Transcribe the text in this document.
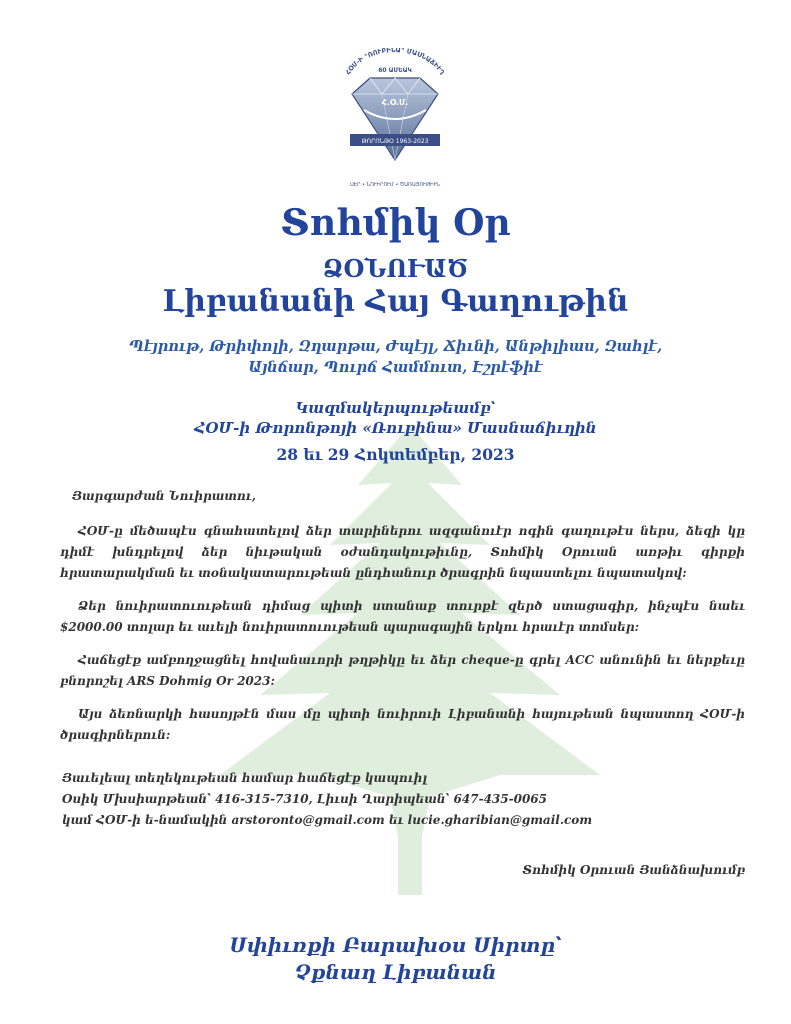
ՀՕՄ-Ի "ՌՈՒԲԻՆԱ" ՄԱՍՆԱՃԻՒՂ
60 ԱՄԵԱԿ
Հ.Օ.Մ.
ԹՈՐՈՆԹՕ 1963-2023
ՍԷՐ • ՆՈՒԻՐՈՒՄ • ԾԱՌԱՅՈՒԹԻՒՆ
Տոհմիկ Օր
ՁՕՆՈՒԱԾ
Լիբանանի Հայ Գաղութին
Պէյրութ, Թրիփոլի, Զղարթա, Ժպէյլ, Ճիւնի, Անթիլիաս, Զահլէ,
Այնճար, Պուրճ Համմուտ, Էշրէֆիէ
Կազմակերպութեամբ՝
ՀՕՄ-ի Թորոնթոյի «Ռուբինա» Մասնաճիւղին
28 եւ 29 Հոկտեմբեր, 2023
Յարգարժան Նուիրատու,

ՀՕՄ-ը մեծապէս գնահատելով ձեր տարիներու ազգանուէր ոգին գաղութէս ներս, ձեզի կը դիմէ խնդրելով ձեր նիւթական օժանդակութիւնը, Տոհմիկ Օրուան առթիւ գիրքի հրատարակման եւ տօնակատարութեան ընդհանուր ծրագրին նպաստելու նպատակով:

Ձեր նուիրատուութեան դիմաց պիտի ստանաք տուրքէ զերծ ստացագիր, ինչպէս նաեւ $2000.00 տոլար եւ աւելի նուիրատուութեան պարագային երկու հրաւէր տոմսեր:

Հաճեցէք ամբողջացնել հովանաւորի թղթիկը եւ ձեր cheque-ը գրել ACC անունին եւ ներքեւը բնորոշել ARS Dohmig Or 2023:

Այս ձեռնարկի հասոյթէն մաս մը պիտի նուիրուի Լիբանանի հայութեան նպաստող ՀՕՄ-ի ծրագիրներուն:

Յաւելեալ տեղեկութեան համար հաճեցէք կապուիլ
Օսիկ Մխսիարթեան՝ 416-315-7310, Լիւսի Ղարիպեան՝ 647-435-0065
կամ ՀՕՄ-ի ե-նամակին arstoronto@gmail.com եւ lucie.gharibian@gmail.com
Տոհմիկ Օրուան Յանձնախումբ
Սփիւռքի Բարախօս Սիրտը՝
Չքնաղ Լիբանան
